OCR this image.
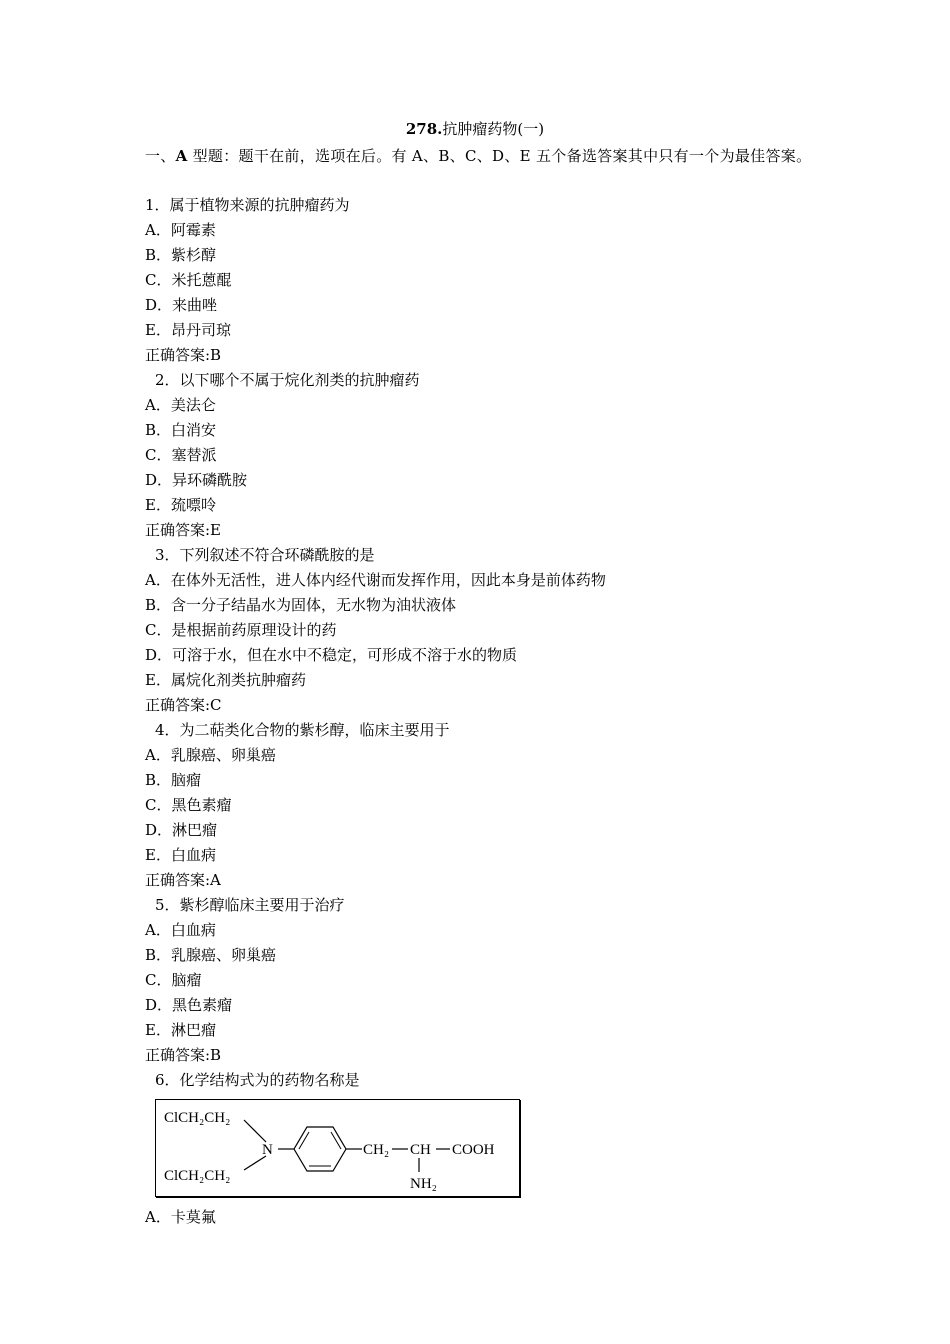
278.抗肿瘤药物(一)
一、A 型题：题干在前，选项在后。有 A、B、C、D、E 五个备选答案其中只有一个为最佳答案。
1．属于植物来源的抗肿瘤药为
A．阿霉素
B．紫杉醇
C．米托蒽醌
D．来曲唑
E．昂丹司琼
正确答案:B
2．以下哪个不属于烷化剂类的抗肿瘤药
A．美法仑
B．白消安
C．塞替派
D．异环磷酰胺
E．巯嘌呤
正确答案:E
3．下列叙述不符合环磷酰胺的是
A．在体外无活性，进人体内经代谢而发挥作用，因此本身是前体药物
B．含一分子结晶水为固体，无水物为油状液体
C．是根据前药原理设计的药
D．可溶于水，但在水中不稳定，可形成不溶于水的物质
E．属烷化剂类抗肿瘤药
正确答案:C
4．为二萜类化合物的紫杉醇，临床主要用于
A．乳腺癌、卵巢癌
B．脑瘤
C．黑色素瘤
D．淋巴瘤
E．白血病
正确答案:A
5．紫杉醇临床主要用于治疗
A．白血病
B．乳腺癌、卵巢癌
C．脑瘤
D．黑色素瘤
E．淋巴瘤
正确答案:B
6．化学结构式为的药物名称是
ClCH₂CH₂
ClCH₂CH₂
N	CH₂ CH COOH
NH₂
A．卡莫氟
